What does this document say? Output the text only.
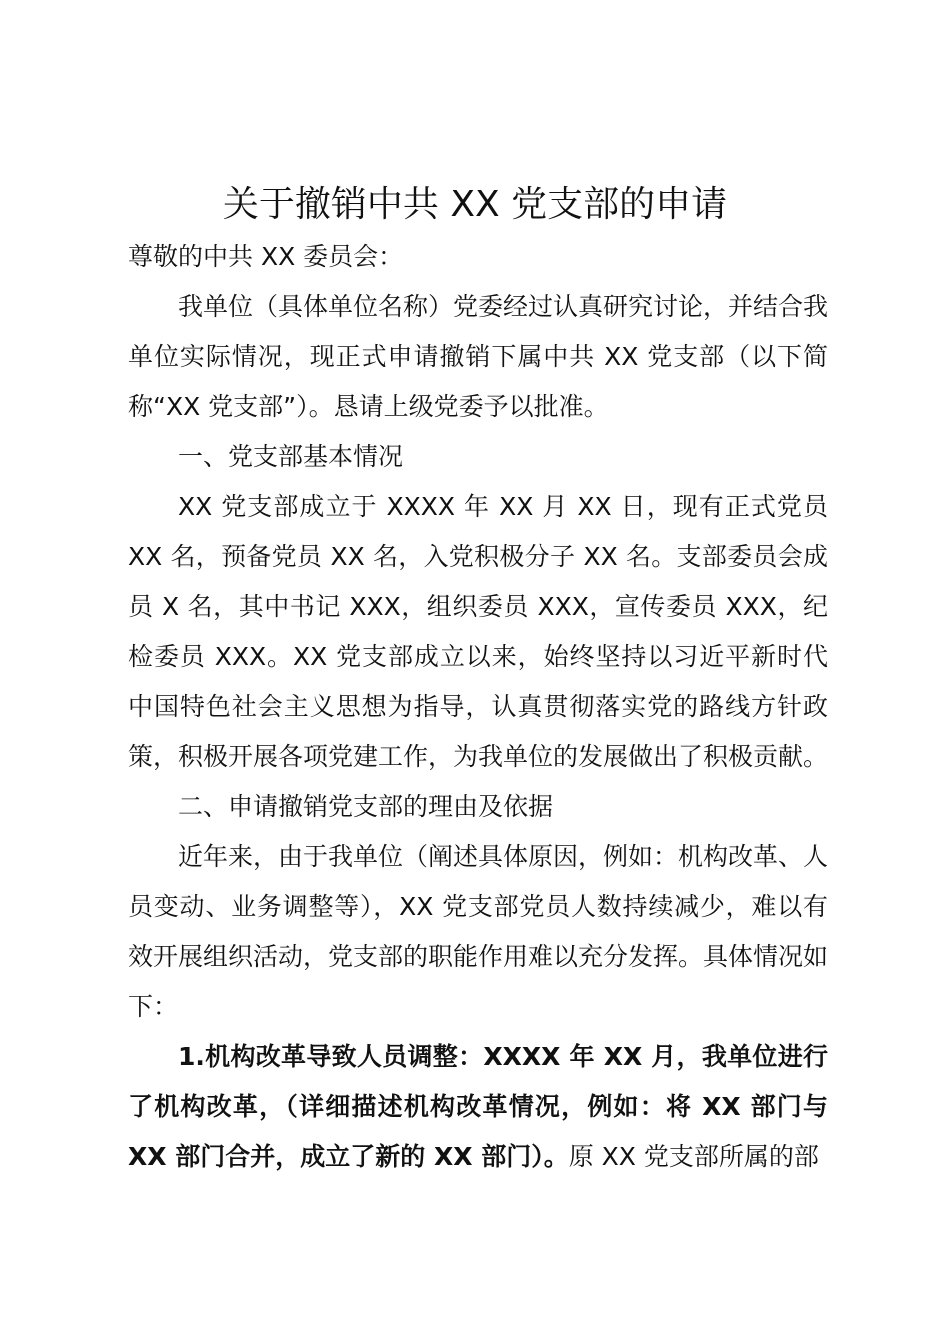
关于撤销中共 XX 党支部的申请

尊敬的中共 XX 委员会：

我单位（具体单位名称）党委经过认真研究讨论，并结合我单位实际情况，现正式申请撤销下属中共 XX 党支部（以下简称“XX 党支部”）。恳请上级党委予以批准。

一、党支部基本情况

XX 党支部成立于 XXXX 年 XX 月 XX 日，现有正式党员 XX 名，预备党员 XX 名，入党积极分子 XX 名。支部委员会成员 X 名，其中书记 XXX，组织委员 XXX，宣传委员 XXX，纪检委员 XXX。XX 党支部成立以来，始终坚持以习近平新时代中国特色社会主义思想为指导，认真贯彻落实党的路线方针政策，积极开展各项党建工作，为我单位的发展做出了积极贡献。

二、申请撤销党支部的理由及依据

近年来，由于我单位（阐述具体原因，例如：机构改革、人员变动、业务调整等），XX 党支部党员人数持续减少，难以有效开展组织活动，党支部的职能作用难以充分发挥。具体情况如下：

1.机构改革导致人员调整：XXXX 年 XX 月，我单位进行了机构改革，（详细描述机构改革情况，例如：将 XX 部门与 XX 部门合并，成立了新的 XX 部门）。原 XX 党支部所属的部
